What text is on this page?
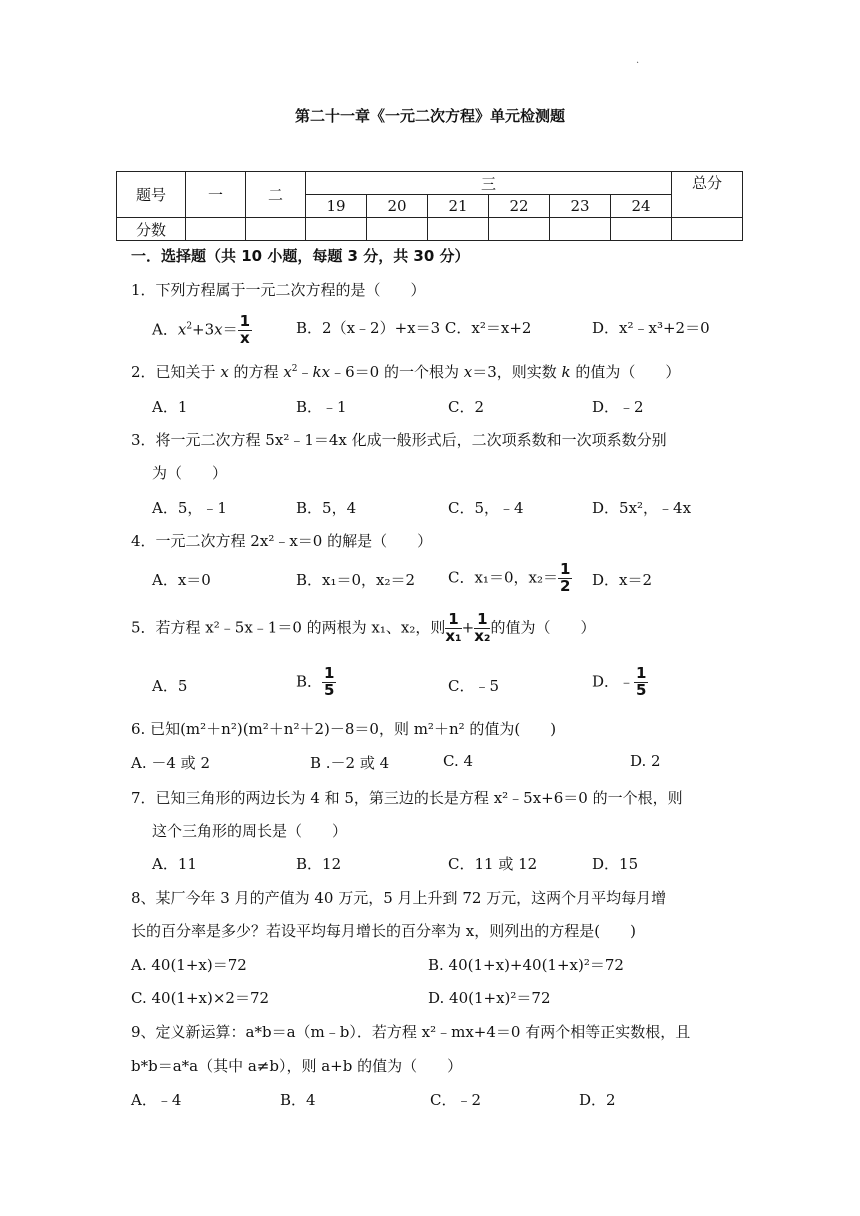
·
第二十一章《一元二次方程》单元检测题
题号	一	二	三						总分
			19	20	21	22	23	24	
分数									
一．选择题（共 10 小题，每题 3 分，共 30 分）
1．下列方程属于一元二次方程的是（　　）
A．$x^2+3x= \frac{1}{x}$	B．2（x﹣2）+x＝3 C．x²＝x+2	D．x²﹣x³+2＝0
2．已知关于 x 的方程 $x^2﹣kx﹣6=0$ 的一个根为 x＝3，则实数 k 的值为（　　）
A．1	B．﹣1	C．2	D．﹣2
3．将一元二次方程 5x²﹣1＝4x 化成一般形式后，二次项系数和一次项系数分别
为（　　）
A．5，﹣1	B．5，4	C．5，﹣4	D．5x²，﹣4x
4．一元二次方程 2x²﹣x＝0 的解是（　　）
A．x＝0	B．x₁＝0，x₂＝2 C．x₁＝0，$x_2= \frac{1}{2}$ D．x＝2
5．若方程 x²﹣5x﹣1＝0 的两根为 x₁、x₂，则 $\frac{1}{\text{x₁}} + \frac{1}{\text{x₂}}$ 的值为（　　）
A．5	B． $\frac{1}{5}$	C．﹣5	D．﹣ $\frac{1}{5}$
6. 已知(m²＋n²)(m²＋n²＋2)－8＝0，则 m²＋n² 的值为(　　)
A. －4 或 2	B .－2 或 4	C. 4	D. 2
7．已知三角形的两边长为 4 和 5，第三边的长是方程 x²﹣5x+6＝0 的一个根，则
这个三角形的周长是（　　）
A．11	B．12	C．11 或 12	D．15
8、某厂今年 3 月的产值为 40 万元，5 月上升到 72 万元，这两个月平均每月增
长的百分率是多少？若设平均每月增长的百分率为 x，则列出的方程是(　　)
A. 40(1+x)＝72	B. 40(1+x)+40(1+x)²＝72
C. 40(1+x)×2＝72	D. 40(1+x)²＝72
9、定义新运算：a*b＝a（m﹣b）．若方程 x²﹣mx+4＝0 有两个相等正实数根，且
b*b＝a*a（其中 a≠b），则 a+b 的值为（　　）
A．﹣4	B．4	C．﹣2	D．2
